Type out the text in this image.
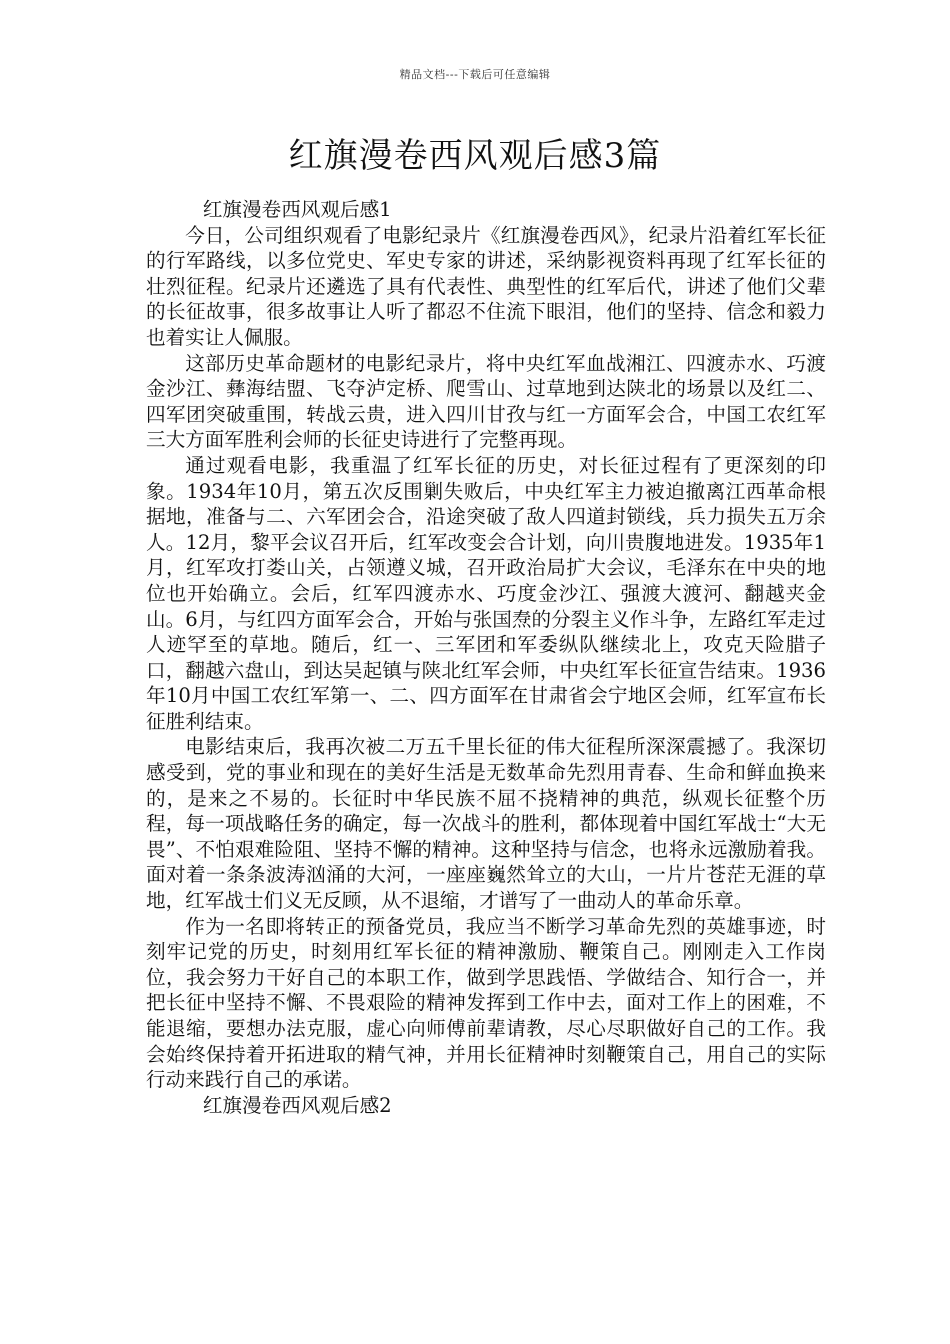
精品文档---下载后可任意编辑
红旗漫卷西风观后感3篇
红旗漫卷西风观后感1

今日，公司组织观看了电影纪录片《红旗漫卷西风》，纪录片沿着红军长征的行军路线，以多位党史、军史专家的讲述，采纳影视资料再现了红军长征的壮烈征程。纪录片还遴选了具有代表性、典型性的红军后代，讲述了他们父辈的长征故事，很多故事让人听了都忍不住流下眼泪，他们的坚持、信念和毅力也着实让人佩服。

这部历史革命题材的电影纪录片，将中央红军血战湘江、四渡赤水、巧渡金沙江、彝海结盟、飞夺泸定桥、爬雪山、过草地到达陕北的场景以及红二、四军团突破重围，转战云贵，进入四川甘孜与红一方面军会合，中国工农红军三大方面军胜利会师的长征史诗进行了完整再现。

通过观看电影，我重温了红军长征的历史，对长征过程有了更深刻的印象。1934年10月，第五次反围剿失败后，中央红军主力被迫撤离江西革命根据地，准备与二、六军团会合，沿途突破了敌人四道封锁线，兵力损失五万余人。12月，黎平会议召开后，红军改变会合计划，向川贵腹地进发。1935年1月，红军攻打娄山关，占领遵义城，召开政治局扩大会议，毛泽东在中央的地位也开始确立。会后，红军四渡赤水、巧度金沙江、强渡大渡河、翻越夹金山。6月，与红四方面军会合，开始与张国焘的分裂主义作斗争，左路红军走过人迹罕至的草地。随后，红一、三军团和军委纵队继续北上，攻克天险腊子口，翻越六盘山，到达吴起镇与陕北红军会师，中央红军长征宣告结束。1936年10月中国工农红军第一、二、四方面军在甘肃省会宁地区会师，红军宣布长征胜利结束。

电影结束后，我再次被二万五千里长征的伟大征程所深深震撼了。我深切感受到，党的事业和现在的美好生活是无数革命先烈用青春、生命和鲜血换来的，是来之不易的。长征时中华民族不屈不挠精神的典范，纵观长征整个历程，每一项战略任务的确定，每一次战斗的胜利，都体现着中国红军战士“大无畏”、不怕艰难险阻、坚持不懈的精神。这种坚持与信念，也将永远激励着我。面对着一条条波涛汹涌的大河，一座座巍然耸立的大山，一片片苍茫无涯的草地，红军战士们义无反顾，从不退缩，才谱写了一曲动人的革命乐章。

作为一名即将转正的预备党员，我应当不断学习革命先烈的英雄事迹，时刻牢记党的历史，时刻用红军长征的精神激励、鞭策自己。刚刚走入工作岗位，我会努力干好自己的本职工作，做到学思践悟、学做结合、知行合一，并把长征中坚持不懈、不畏艰险的精神发挥到工作中去，面对工作上的困难，不能退缩，要想办法克服，虚心向师傅前辈请教，尽心尽职做好自己的工作。我会始终保持着开拓进取的精气神，并用长征精神时刻鞭策自己，用自己的实际行动来践行自己的承诺。

红旗漫卷西风观后感2
